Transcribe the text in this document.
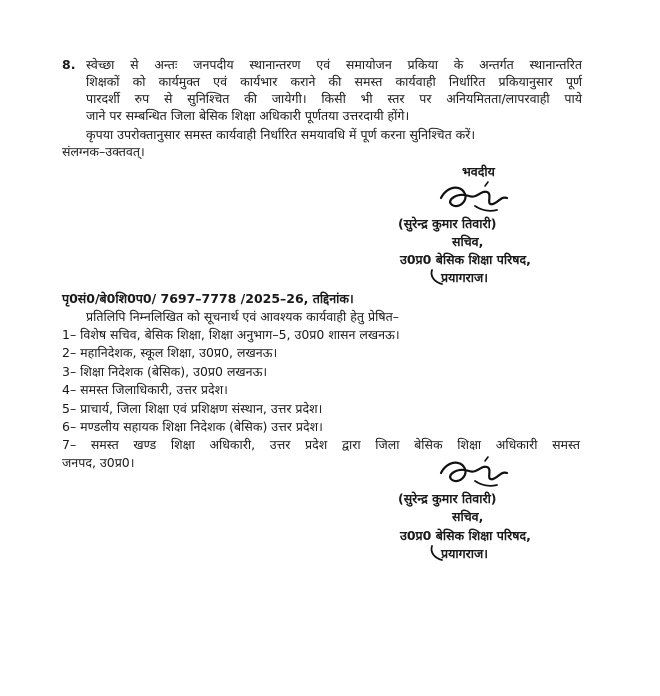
8. स्वेच्छा से अन्तः जनपदीय स्थानान्तरण एवं समायोजन प्रकिया के अन्तर्गत स्थानान्तरित
शिक्षकों को कार्यमुक्त एवं कार्यभार कराने की समस्त कार्यवाही निर्धारित प्रकियानुसार पूर्ण
पारदर्शी रुप से सुनिश्चित की जायेगी। किसी भी स्तर पर अनियमितता/लापरवाही पाये
जाने पर सम्बन्धित जिला बेसिक शिक्षा अधिकारी पूर्णतया उत्तरदायी होंगे।
कृपया उपरोक्तानुसार समस्त कार्यवाही निर्धारित समयावधि में पूर्ण करना सुनिश्चित करें।
संलग्नक–उक्तवत्।
भवदीय
(सुरेन्द्र कुमार तिवारी)
सचिव,
उ0प्र0 बेसिक शिक्षा परिषद,
प्रयागराज।
पृ0सं0/बे0शि0प0/ 7697–7778 /2025–26, तद्दिनांक।
प्रतिलिपि निम्नलिखित को सूचनार्थ एवं आवश्यक कार्यवाही हेतु प्रेषित–
1– विशेष सचिव, बेसिक शिक्षा, शिक्षा अनुभाग–5, उ0प्र0 शासन लखनऊ।
2– महानिदेशक, स्कूल शिक्षा, उ0प्र0, लखनऊ।
3– शिक्षा निदेशक (बेसिक), उ0प्र0 लखनऊ।
4– समस्त जिलाधिकारी, उत्तर प्रदेश।
5– प्राचार्य, जिला शिक्षा एवं प्रशिक्षण संस्थान, उत्तर प्रदेश।
6– मण्डलीय सहायक शिक्षा निदेशक (बेसिक) उत्तर प्रदेश।
7– समस्त खण्ड शिक्षा अधिकारी, उत्तर प्रदेश द्वारा जिला बेसिक शिक्षा अधिकारी समस्त
जनपद, उ0प्र0।
(सुरेन्द्र कुमार तिवारी)
सचिव,
उ0प्र0 बेसिक शिक्षा परिषद,
प्रयागराज।
